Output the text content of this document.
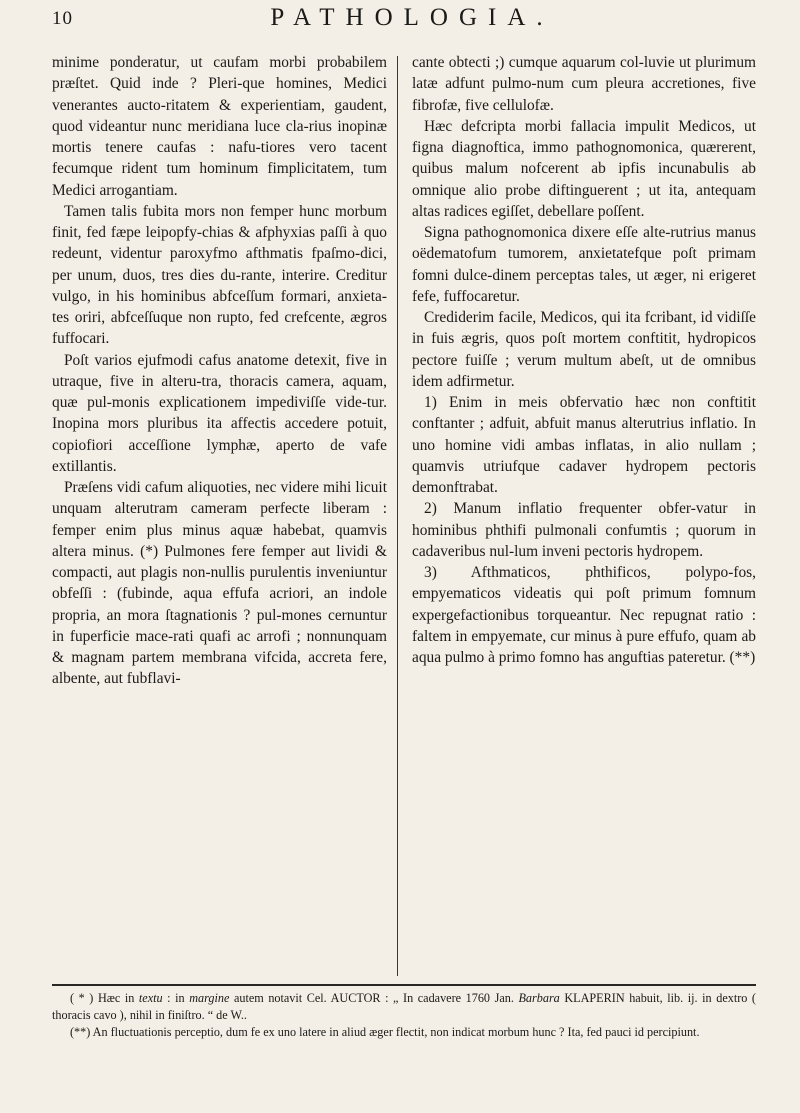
10	PATHOLOGIA.

minime ponderatur, ut caufam morbi probabilem præſtet. Quid inde ? Pleri-que homines, Medici venerantes aucto-ritatem & experientiam, gaudent, quod videantur nunc meridiana luce cla-rius inopinæ mortis tenere caufas : nafu-tiores vero tacent fecumque rident tum hominum fimplicitatem, tum Medici arrogantiam.

Tamen talis fubita mors non femper hunc morbum finit, fed fæpe leipopfy-chias & afphyxias paſſi à quo redeunt, videntur paroxyfmo afthmatis fpaſmo-dici, per unum, duos, tres dies du-rante, interire. Creditur vulgo, in his hominibus abfceſſum formari, anxieta-tes oriri, abfceſſuque non rupto, fed crefcente, ægros fuffocari.

Poſt varios ejufmodi cafus anatome detexit, five in utraque, five in alteru-tra, thoracis camera, aquam, quæ pul-monis explicationem impediviſſe vide-tur. Inopina mors pluribus ita affectis accedere potuit, copiofiori acceſſione lymphæ, aperto de vafe extillantis.

Præſens vidi cafum aliquoties, nec videre mihi licuit unquam alterutram cameram perfecte liberam : femper enim plus minus aquæ habebat, quamvis altera minus. (*) Pulmones fere femper aut lividi & compacti, aut plagis non-nullis purulentis inveniuntur obfeſſi : (fubinde, aqua effufa acriori, an indole propria, an mora ſtagnationis ? pul-mones cernuntur in fuperficie mace-rati quafi ac arrofi ; nonnunquam & magnam partem membrana vifcida, accreta fere, albente, aut fubflavi-

cante obtecti ;) cumque aquarum col-luvie ut plurimum latæ adfunt pulmo-num cum pleura accretiones, five fibrofæ, five cellulofæ.

Hæc defcripta morbi fallacia impulit Medicos, ut figna diagnoftica, immo pathognomonica, quærerent, quibus malum nofcerent ab ipfis incunabulis ab omnique alio probe diftinguerent ; ut ita, antequam altas radices egiſſet, debellare poſſent.

Signa pathognomonica dixere eſſe alte-rutrius manus oëdematofum tumorem, anxietatefque poſt primam fomni dulce-dinem perceptas tales, ut æger, ni erigeret fefe, fuffocaretur.

Crediderim facile, Medicos, qui ita fcribant, id vidiſſe in fuis ægris, quos poſt mortem conftitit, hydropicos pectore fuiſſe ; verum multum abeſt, ut de omnibus idem adfirmetur.

1) Enim in meis obfervatio hæc non conftitit conftanter ; adfuit, abfuit manus alterutrius inflatio. In uno homine vidi ambas inflatas, in alio nullam ; quamvis utriufque cadaver hydropem pectoris demonftrabat.

2) Manum inflatio frequenter obfer-vatur in hominibus phthifi pulmonali confumtis ; quorum in cadaveribus nul-lum inveni pectoris hydropem.

3) Afthmaticos, phthificos, polypo-fos, empyematicos videatis qui poſt primum fomnum expergefactionibus torqueantur. Nec repugnat ratio : faltem in empyemate, cur minus à pure effufo, quam ab aqua pulmo à primo fomno has anguftias pateretur. (**)

( * ) Hæc in textu : in margine autem notavit Cel. AUCTOR : „ In cadavere 1760 Jan. Barbara KLAPERIN habuit, lib. ij. in dextro ( thoracis cavo ), nihil in finiſtro. “ de W..

(**) An fluctuationis perceptio, dum fe ex uno latere in aliud æger flectit, non indicat morbum hunc ? Ita, fed pauci id percipiunt.
